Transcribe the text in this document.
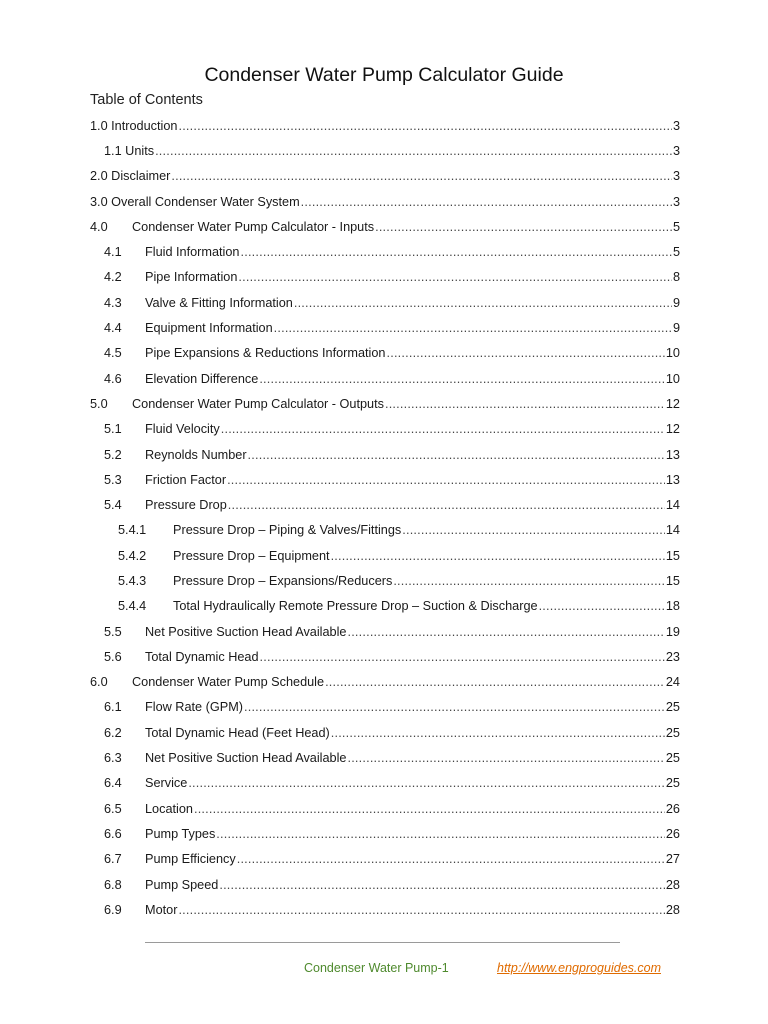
Condenser Water Pump Calculator Guide
Table of Contents
1.0 Introduction .....	3
1.1 Units .....	3
2.0 Disclaimer .....	3
3.0 Overall Condenser Water System .....	3
4.0	Condenser Water Pump Calculator - Inputs .....	5
4.1	Fluid Information .....	5
4.2	Pipe Information .....	8
4.3	Valve & Fitting Information .....	9
4.4	Equipment Information .....	9
4.5	Pipe Expansions & Reductions Information .....	10
4.6	Elevation Difference .....	10
5.0	Condenser Water Pump Calculator - Outputs .....	12
5.1	Fluid Velocity .....	12
5.2	Reynolds Number .....	13
5.3	Friction Factor .....	13
5.4	Pressure Drop .....	14
5.4.1	Pressure Drop – Piping & Valves/Fittings .....	14
5.4.2	Pressure Drop – Equipment .....	15
5.4.3	Pressure Drop – Expansions/Reducers .....	15
5.4.4	Total Hydraulically Remote Pressure Drop – Suction & Discharge .....	18
5.5	Net Positive Suction Head Available .....	19
5.6	Total Dynamic Head .....	23
6.0	Condenser Water Pump Schedule .....	24
6.1	Flow Rate (GPM) .....	25
6.2	Total Dynamic Head (Feet Head) .....	25
6.3	Net Positive Suction Head Available .....	25
6.4	Service .....	25
6.5	Location .....	26
6.6	Pump Types .....	26
6.7	Pump Efficiency .....	27
6.8	Pump Speed .....	28
6.9	Motor .....	28
Condenser Water Pump-1	http://www.engproguides.com
